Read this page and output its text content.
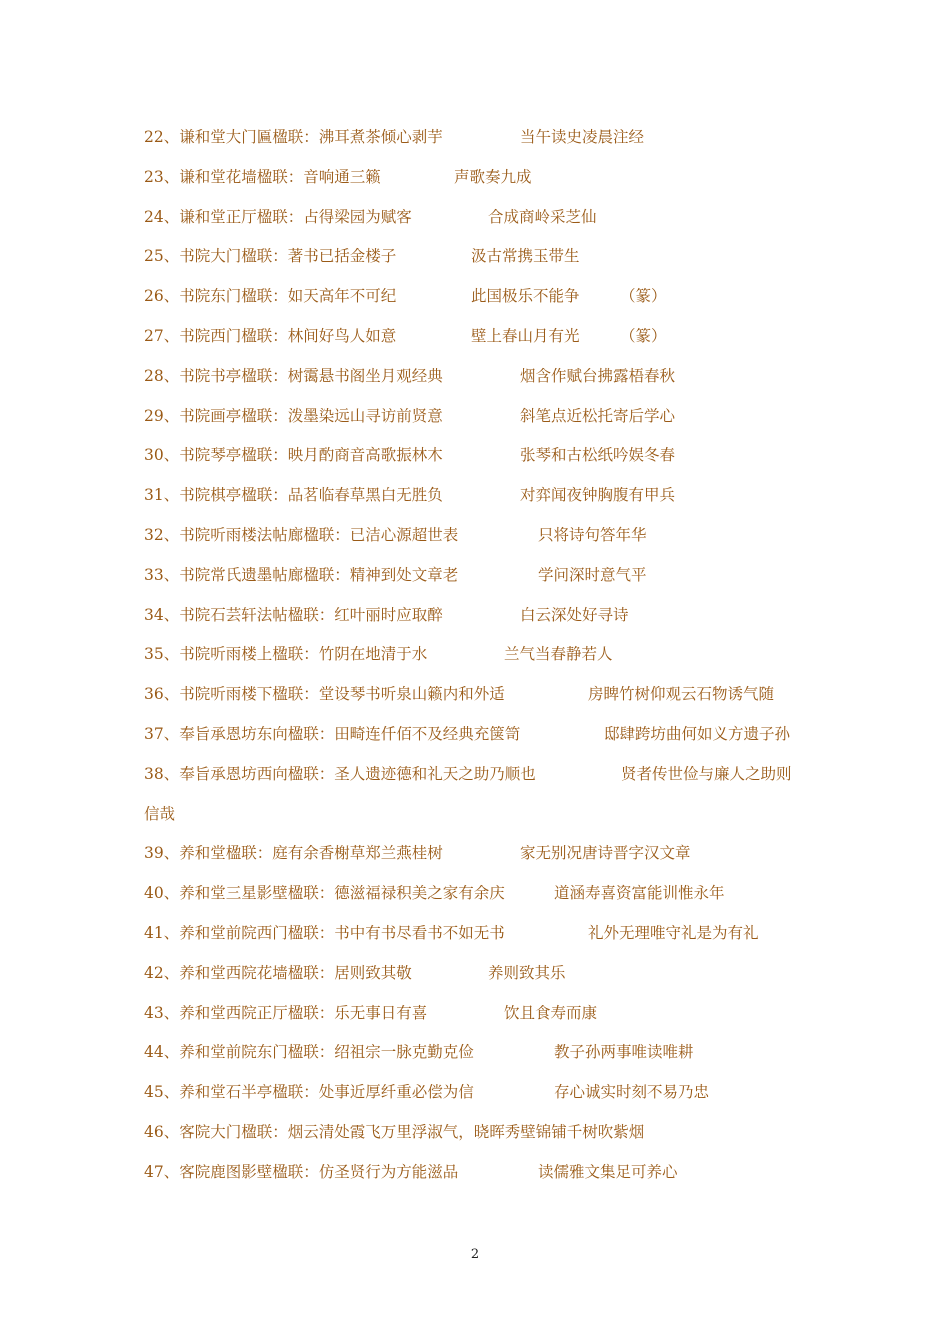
22、谦和堂大门匾楹联：沸耳煮茶倾心剥芋	当午读史凌晨注经
23、谦和堂花墙楹联：音响通三籁	声歌奏九成
24、谦和堂正厅楹联：占得梁园为赋客	合成商岭采芝仙
25、书院大门楹联：著书已括金楼子	汲古常携玉带生
26、书院东门楹联：如天高年不可纪	此国极乐不能争	（篆）
27、书院西门楹联：林间好鸟人如意	壁上春山月有光	（篆）
28、书院书亭楹联：树霭悬书阁坐月观经典	烟含作赋台拂露梧春秋
29、书院画亭楹联：泼墨染远山寻访前贤意	斜笔点近松托寄后学心
30、书院琴亭楹联：映月酌商音高歌振林木	张琴和古松纸吟娱冬春
31、书院棋亭楹联：品茗临春草黑白无胜负	对弈闻夜钟胸腹有甲兵
32、书院听雨楼法帖廊楹联：已洁心源超世表	只将诗句答年华
33、书院常氏遗墨帖廊楹联：精神到处文章老	学问深时意气平
34、书院石芸轩法帖楹联：红叶丽时应取醉	白云深处好寻诗
35、书院听雨楼上楹联：竹阴在地清于水	兰气当春静若人
36、书院听雨楼下楹联：堂设琴书听泉山籁内和外适	房睥竹树仰观云石物诱气随
37、奉旨承恩坊东向楹联：田畸连仟佰不及经典充箧笥	邸肆跨坊曲何如义方遗子孙
38、奉旨承恩坊西向楹联：圣人遗迹德和礼天之助乃顺也	贤者传世俭与廉人之助则
信哉
39、养和堂楹联：庭有余香榭草郑兰燕桂树	家无别况唐诗晋字汉文章
40、养和堂三星影壁楹联：德滋福禄积美之家有余庆	道涵寿喜资富能训惟永年
41、养和堂前院西门楹联：书中有书尽看书不如无书	礼外无理唯守礼是为有礼
42、养和堂西院花墙楹联：居则致其敬	养则致其乐
43、养和堂西院正厅楹联：乐无事日有喜	饮且食寿而康
44、养和堂前院东门楹联：绍祖宗一脉克勤克俭	教子孙两事唯读唯耕
45、养和堂石半亭楹联：处事近厚纤重必偿为信	存心诚实时刻不易乃忠
46、客院大门楹联：烟云清处霞飞万里浮淑气，晓晖秀壁锦铺千树吹紫烟
47、客院鹿图影壁楹联：仿圣贤行为方能滋品	读儒雅文集足可养心
2
